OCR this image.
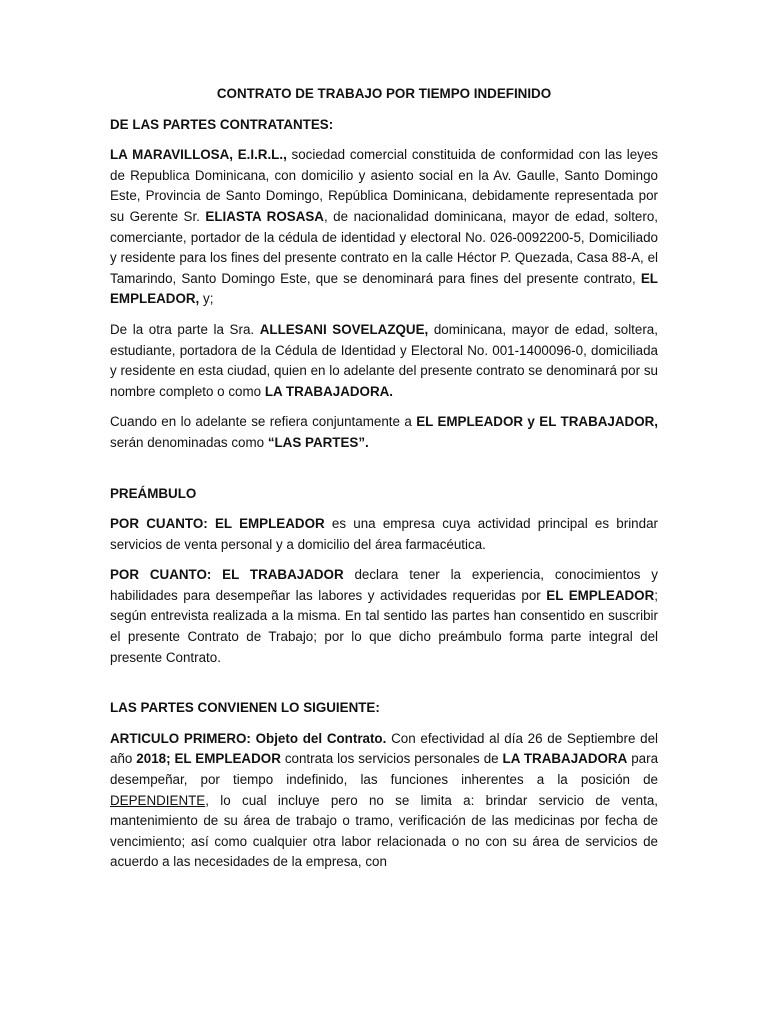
CONTRATO DE TRABAJO POR TIEMPO INDEFINIDO
DE LAS PARTES CONTRATANTES:

LA MARAVILLOSA, E.I.R.L., sociedad comercial constituida de conformidad con las leyes de Republica Dominicana, con domicilio y asiento social en la Av. Gaulle, Santo Domingo Este, Provincia de Santo Domingo, República Dominicana, debidamente representada por su Gerente Sr. ELIASTA ROSASA, de nacionalidad dominicana, mayor de edad, soltero, comerciante, portador de la cédula de identidad y electoral No. 026-0092200-5, Domiciliado y residente para los fines del presente contrato en la calle Héctor P. Quezada, Casa 88-A, el Tamarindo, Santo Domingo Este, que se denominará para fines del presente contrato, EL EMPLEADOR, y;

De la otra parte la Sra. ALLESANI SOVELAZQUE, dominicana, mayor de edad, soltera, estudiante, portadora de la Cédula de Identidad y Electoral No. 001-1400096-0, domiciliada y residente en esta ciudad, quien en lo adelante del presente contrato se denominará por su nombre completo o como LA TRABAJADORA.

Cuando en lo adelante se refiera conjuntamente a EL EMPLEADOR y EL TRABAJADOR, serán denominadas como “LAS PARTES”.

PREÁMBULO

POR CUANTO: EL EMPLEADOR es una empresa cuya actividad principal es brindar servicios de venta personal y a domicilio del área farmacéutica.

POR CUANTO: EL TRABAJADOR declara tener la experiencia, conocimientos y habilidades para desempeñar las labores y actividades requeridas por EL EMPLEADOR; según entrevista realizada a la misma. En tal sentido las partes han consentido en suscribir el presente Contrato de Trabajo; por lo que dicho preámbulo forma parte integral del presente Contrato.

LAS PARTES CONVIENEN LO SIGUIENTE:

ARTICULO PRIMERO: Objeto del Contrato. Con efectividad al día 26 de Septiembre del año 2018; EL EMPLEADOR contrata los servicios personales de LA TRABAJADORA para desempeñar, por tiempo indefinido, las funciones inherentes a la posición de DEPENDIENTE, lo cual incluye pero no se limita a: brindar servicio de venta, mantenimiento de su área de trabajo o tramo, verificación de las medicinas por fecha de vencimiento; así como cualquier otra labor relacionada o no con su área de servicios de acuerdo a las necesidades de la empresa, con
